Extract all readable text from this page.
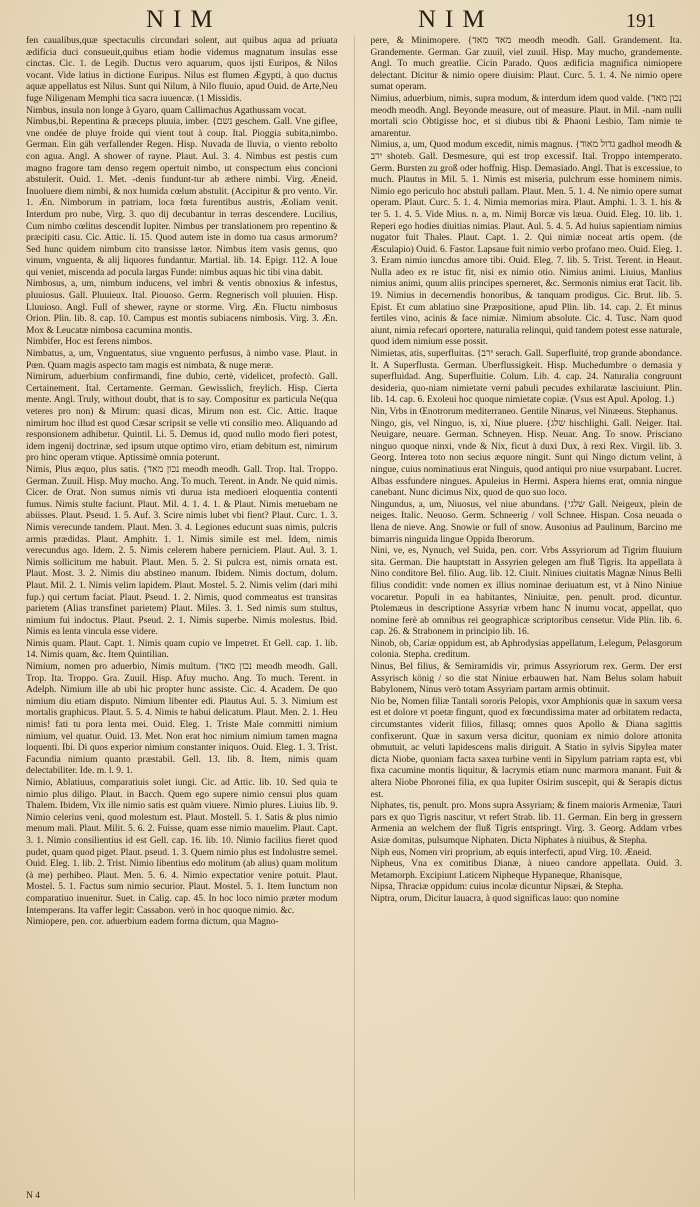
NIM	NIM	191

fen caualibus,quæ spectaculis circundari solent, aut quibus aqua ad priuata ædificia duci consueuit,quibus etiam hodie videmus magnatum insulas esse cinctas. Cic. 1. de Legib. Ductus vero aquarum, quos ijsti Euripos, & Nilos vocant. Vide latius in dictione Euripus. Nilus est flumen Ægypti, à quo ductus aquæ appellatus est Nilus. Sunt qui Nilum, à Nilo fluuio, apud Ouid. de Arte,Neu fuge Niligenam Memphi tica sacra iuuencæ. (1 Missidis.

Nimbus, insula non longe à Gyaro, quam Callimachus Agathussam vocat.

Nimbus,bi. Repentina & præceps pluuia, imber. {נשם geschem. Gall. Vne giflee, vne ondée de pluye froide qui vient tout à coup. Ital. Pioggia subita,nimbo. German. Ein gäh verfallender Regen. Hisp. Nuvada de lluvia, o viento rebolto con agua. Angl. A shower of rayne. Plaut. Aul. 3. 4. Nimbus est pestis cum magno fragore tam denso regem opertuit nimbo, ut conspectum eius concioni abstulerit. Ouid. 1. Met. -denis fundunt-tur ab æthere nimbi. Virg. Æneid. Inuoluere diem nimbi, & nox humida cœlum abstulit. (Accipitur & pro vento. Vir. 1. Æn. Nimborum in patriam, loca fœta furentibus austris, Æoliam venit. Interdum pro nube, Virg. 3. quo dij decubantur in terras descendere. Lucilius, Cum nimbo cœlitus descendit Iupiter. Nimbus per translationem pro repentino & præcipiti casu. Cic. Attic. li. 15. Quod autem iste in domo tua casus armorum? Sed hunc quidem nimbum cito transisse lætor. Nimbus item vasis genus, quo vinum, vnguenta, & alij liquores fundantur. Martial. lib. 14. Epigr. 112. A Ioue qui veniet, miscenda ad pocula largas Funde: nimbus aquas hic tibi vina dabit.

Nimbosus, a, um, nimbum inducens, vel imbri & ventis obnoxius & infestus, pluuiosus. Gall. Pluuieux. Ital. Piouoso. Germ. Regnerisch voll pluuien. Hisp. Lluuioso. Angl. Full of shewer, rayne or storme. Virg. Æn. Fluctu nimbosus Orion. Plin. lib. 8. cap. 10. Campus est montis subiacens nimbosis. Virg. 3. Æn. Mox & Leucatæ nimbosa cacumina montis.

Nimbifer, Hoc est ferens nimbos.

Nimbatus, a, um, Vnguentatus, siue vnguento perfusus, à nimbo vase. Plaut. in Pœn. Quam magis aspecto tam magis est nimbata, & nuge meræ.

Nimirum, aduerbium confirmandi, fine dubio, certè, videlicet, profectò. Gall. Certainement. Ital. Certamente. German. Gewisslich, freylich. Hisp. Cierta mente. Angl. Truly, without doubt, that is to say. Compositur ex particula Ne(qua veteres pro non) & Mirum: quasi dicas, Mirum non est. Cic. Attic. Itaque nimirum hoc illud est quod Cæsar scripsit se velle vti consilio meo. Aliquando ad responsionem adhibetur. Quintil. Li. 5. Demus id, quod nullo modo fieri potest, idem ingenij doctrinæ, sed ipsum utque optimo viro, etiam debitum est, nimirum pro hinc operam vtique. Aptissimè omnia poterunt.

Nimis, Plus æquo, plus satis. {נכון מאד meodh meodh. Gall. Trop. Ital. Troppo. German. Zuuil. Hisp. Muy mucho. Ang. To much. Terent. in Andr. Ne quid nimis. Cicer. de Orat. Non sumus nimis vti durua ista medioeri eloquentia contenti fumus. Nimis stulte faciunt. Plaut. Mil. 4. 1. 4. 1. & Plaut. Nimis metuebam ne abiisses. Plaut. Pseud. 1. 5. Auf. 3. Scire nimis lubet vbi fient? Plaut. Curc. 1. 3. Nimis verecunde tandem. Plaut. Men. 3. 4. Legiones educunt suas nimis, pulcris armis prædidas. Plaut. Amphitr. 1. 1. Nimis simile est mel. Idem, nimis verecundus ago. Idem. 2. 5. Nimis celerem habere perniciem. Plaut. Aul. 3. 1. Nimis sollicitum me habuit. Plaut. Men. 5. 2. Si pulcra est, nimis ornata est. Plaut. Most. 3. 2. Nimis diu abstineo manum. Ibidem. Nimis doctum, dolum. Plaut. Mil. 2. 1. Nimis velim lapidem. Plaut. Mostel. 5. 2. Nimis velim (dari mihi fup.) qui certum faciat. Plaut. Pseud. 1. 2. Nimis, quod commeatus est transitas parietem (Alias transfinet parietem) Plaut. Miles. 3. 1. Sed nimis sum stultus, nimium fui indoctus. Plaut. Pseud. 2. 1. Nimis superbe. Nimis molestus. Ibid. Nimis ea lenta vincula esse videre.

Nimis quam. Plaut. Capt. 1. Nimis quam cupio ve Impetret. Et Gell. cap. 1. lib. 14. Nimis quam, &c. Item Quintilian.

Nimium, nomen pro aduerbio, Nimis multum. {נכון מאד meodh meodh. Gall. Trop. Ita. Troppo. Gra. Zuuil. Hisp. Afuy mucho. Ang. To much. Terent. in Adelph. Nimium ille ab ubi hic propter hunc assiste. Cic. 4. Academ. De quo nimium diu etiam disputo. Nimium libenter edi. Plautus Aul. 5. 3. Nimium est mortalis graphicus. Plaut. 5. 5. 4. Nimis te habui delicatum. Plaut. Men. 2. 1. Heu nimis! fati tu pora lenta mei. Ouid. Eleg. 1. Triste Male committi nimium nimium, vel quatur. Ouid. 13. Met. Non erat hoc nimium nimium tamen magna loquenti. Ibi. Di quos experior nimium constanter iniquos. Ouid. Eleg. 1. 3. Trist. Facundia nimium quanto præstabil. Gell. 13. lib. 8. Item, nimis quam delectabiliter. Ide. m. l. 9. 1.

Nimio, Ablatiuus, comparatiuis solet iungi. Cic. ad Attic. lib. 10. Sed quia te nimio plus diligo. Plaut. in Bacch. Quem ego supere nimio censui plus quam Thalem. Ibidem, Vix ille nimio satis est quàm viuere. Nimio plures. Liuius lib. 9. Nimio celerius veni, quod molestum est. Plaut. Mostell. 5. 1. Satis & plus nimio menum mali. Plaut. Milit. 5. 6. 2. Fuisse, quam esse nimio mauelim. Plaut. Capt. 3. 1. Nimio consilientius id est Gell. cap. 16. lib. 10. Nimio facilius fieret quod pudet, quam quod piget. Plaut. pseud. 1. 3. Quem nimio plus est Indolustre semel. Ouid. Eleg. 1. lib. 2. Trist. Nimio libentius edo molitum (ab alius) quam molitum (à me) perhibeo. Plaut. Men. 5. 6. 4. Nimio expectatior venire potuit. Plaut. Mostel. 5. 1. Factus sum nimio securior. Plaut. Mostel. 5. 1. Item Iunctum non comparatiuo inuenitur. Suet. in Calig. cap. 45. In hoc loco nimio præter modum Intemperans. Ita vaffer legit: Cassabon. verò in hoc quoque nimio. &c.

Nimiopere, pen. cor. aduerbium eadem forma dictum, qua Magno-

pere, & Minimopere. {מאד מאד meodh meodh. Gall. Grandement. Ita. Grandemente. German. Gar zuuil, viel zuuil. Hisp. May mucho, grandemente. Angl. To much greatlie. Cicin Parado. Quos ædificia magnifica nimiopere delectant. Dicitur & nimio opere diuisim: Plaut. Curc. 5. 1. 4. Ne nimio opere sumat operam.

Nimius, aduerbium, nimis, supra modum, & interdum idem quod valde. {נכון מאד meodh meodh. Angl. Beyonde measure, out of measure. Plaut. in Mil. -nam nulli mortali scio Obtigisse hoc, et si diubus tibi & Phaoni Lesbio, Tam nimie te amarentur.

Nimius, a, um, Quod modum excedit, nimis magnus. {גדול מאוד gadhol meodh & ירב shoteb. Gall. Desmesure, qui est trop excessif. Ital. Troppo intemperato. Germ. Bursten zu groß oder hoffnig. Hisp. Demasiado. Angl. That is excessiue, to much. Plautus in Mil. 5. 1. Nimis est miseria, pulchrum esse hominem nimis. Nimio ego periculo hoc abstuli pallam. Plaut. Men. 5. 1. 4. Ne nimio opere sumat operam. Plaut. Curc. 5. 1. 4. Nimia memorias mira. Plaut. Amphi. 1. 3. 1. his & ter 5. 1. 4. 5. Vide Mius. n. a, m. Nimij Borcæ vis læua. Ouid. Eleg. 10. lib. 1. Reperi ego hodies diuitias nimias. Plaut. Aul. 5. 4. 5. Ad huius sapientiam nimius nugator fuit Thales. Plaut. Capt. 1. 2. Qui nimiæ noceat artis opem. (de Æsculapio) Ouid. 6. Fastor. Lapsaue fuit nimio verbo profano meo. Ouid. Eleg. 1. 3. Eram nimio iuncdus amore tibi. Ouid. Eleg. 7. lib. 5. Trist. Terent. in Heaut. Nulla adeo ex re istuc fit, nisi ex nimio otio. Nimius animi. Liuius, Manlius nimius animi, quum aliis principes sperneret, &c. Sermonis nimius erat Tacit. lib. 19. Nimius in decernendis honoribus, & tanquam prodigus. Cic. Brut. lib. 5. Epist. Et cum ablatiuo sine Præpositione, apud Plin. lib. 14. cap. 2. Et minus fertiles vino, acinis & face nimiæ. Nimium absolute. Cic. 4. Tusc. Nam quod aiunt, nimia refecari oportere, naturalia relinqui, quid tandem potest esse naturale, quod idem nimium esse possit.

Nimietas, atis, superfluitas. {ירב serach. Gall. Superfluité, trop grande abondance. It. A Superflusta. German. Uberflussigkeit. Hisp. Muchedumbre o demasia y superfluidad. Ang. Superfluitie. Colum. Lib. 4. cap. 24. Naturalia congruunt desideria, quo-niam nimietate verni pabuli pecudes exhilaratæ lasciuiunt. Plin. lib. 14. cap. 6. Exoleui hoc quoque nimietate copiæ. (Vsus est Apul. Apolog. 1.)

Nin, Vrbs in Œnotrorum mediterraneo. Gentile Ninæus, vel Ninæeus. Stephanus.

Ningo, gis, vel Ninguo, is, xi, Niue pluere. {שלג hischlighi. Gall. Neiger. Ital. Neuigare, neuare. German. Schneyen. Hisp. Neuar. Ang. To snow. Prisciano ninguo quoque ninxi, vnde & Nix, ficut à duxi Dux, à rexi Rex. Virgil. lib. 3. Georg. Interea toto non secius æquore ningit. Sunt qui Ningo dictum velint, à ningue, cuius nominatiuus erat Ninguis, quod antiqui pro niue vsurpabant. Lucret. Albas essfundere ningues. Apuleius in Hermi. Aspera hiems erat, omnia ningue canebant. Nunc dicimus Nix, quod de quo suo loco.

Ningundus, a, um, Niuosus, vel niue abundans. {שלגי Gall. Neigeux, plein de neiges. Italic. Neuoso. Germ. Schneerig / voll Schnee. Hispan. Cosa neuada o llena de nieve. Ang. Snowie or full of snow. Ausonius ad Paulinum, Barcino me bimarris ninguida lingue Oppida Iberorum.

Nini, ve, es, Nynuch, vel Suida, pen. corr. Vrbs Assyriorum ad Tigrim fluuium sita. German. Die hauptstatt in Assyrien gelegen am fluß Tigris. Ita appellata à Nino conditore Bel. filio. Aug. lib. 12. Ciuit. Niniues ciuitatis Magnæ Ninus Belli filius condidit: vnde nomen ex illius nominae deriuatum est, vt à Nino Niniue vocaretur. Populi in ea habitantes, Niniuitæ, pen. penult. prod. dicuntur. Ptolemæus in descriptione Assyriæ vrbem hanc N inumu vocat, appellat, quo nomine ferè ab omnibus rei geographicæ scriptoribus censetur. Vide Plin. lib. 6. cap. 26. & Strabonem in principio lib. 16.

Ninob, ob, Cariæ oppidum est, ab Aphrodysias appellatum, Lelegum, Pelasgorum colonia. Stepha. creditum.

Ninus, Bel filius, & Semiramidis vir, primus Assyriorum rex. Germ. Der erst Assyrisch könig / so die stat Niniue erbauwen hat. Nam Belus solam habuit Babylonem, Ninus verò totam Assyriam partam armis obtinuit.

Nio be, Nomen filiæ Tantali sororis Pelopis, vxor Amphionis quæ in saxum versa est et dolore vt poetæ fingunt, quod ex fœcundissima mater ad orbitatem redacta, circumstantes viderit filios, fillasq; omnes quos Apollo & Diana sagittis confixerunt. Quæ in saxum versa dicitur, quoniam ex nimio dolore attonita obmutuit, ac veluti lapidescens malis diriguit. A Statio in sylvis Sipylea mater dicta Niobe, quoniam facta saxea turbine venti in Sipylum patriam rapta est, vbi fixa cacumine montis liquitur, & lacrymis etiam nunc marmora manant. Fuit & altera Niobe Phoronei filia, ex qua Iupiter Osirim suscepit, qui & Serapis dictus est.

Niphates, tis, penult. pro. Mons supra Assyriam; & finem maioris Armeniæ, Tauri pars ex quo Tigris nascitur, vt refert Strab. lib. 11. German. Ein berg in gressern Armenia an welchem der fluß Tigris entspringt. Virg. 3. Georg. Addam vrbes Asiæ domitas, pulsumque Niphaten. Dicta Niphates à niuibus, & Stepha.

Niph eus, Nomen viri proprium, ab equis interfecti, apud Virg. 10. Æneid.

Nipheus, Vna ex comitibus Dianæ, à niueo candore appellata. Ouid. 3. Metamorph. Excipiunt Laticem Nipheque Hypaneque, Rhanisque,

Nipsa, Thraciæ oppidum: cuius incolæ dicuntur Nipsæi, & Stepha.

Niptra, orum, Dicitur lauacra, à quod significas lauo: quo nomine

N 4
